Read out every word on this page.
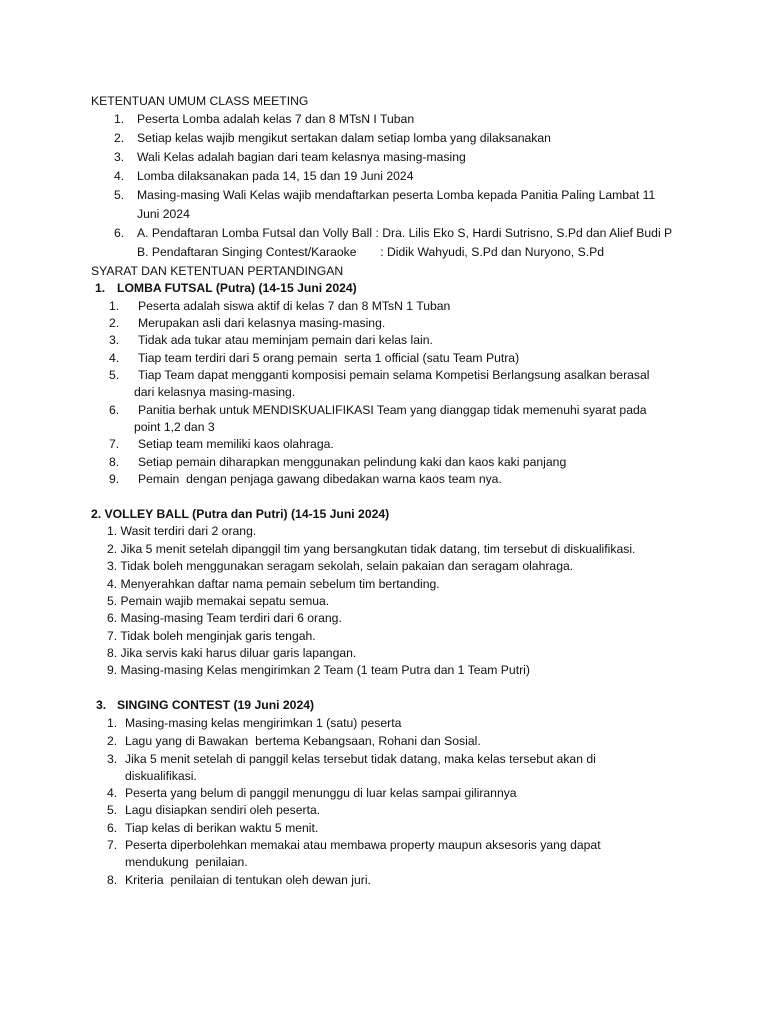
KETENTUAN UMUM CLASS MEETING
1. Peserta Lomba adalah kelas 7 dan 8 MTsN I Tuban
2. Setiap kelas wajib mengikut sertakan dalam setiap lomba yang dilaksanakan
3. Wali Kelas adalah bagian dari team kelasnya masing-masing
4. Lomba dilaksanakan pada 14, 15 dan 19 Juni 2024
5. Masing-masing Wali Kelas wajib mendaftarkan peserta Lomba kepada Panitia Paling Lambat 11
Juni 2024
6. A. Pendaftaran Lomba Futsal dan Volly Ball : Dra. Lilis Eko S, Hardi Sutrisno, S.Pd dan Alief Budi P
B. Pendaftaran Singing Contest/Karaoke       : Didik Wahyudi, S.Pd dan Nuryono, S.Pd
SYARAT DAN KETENTUAN PERTANDINGAN
1. LOMBA FUTSAL (Putra) (14-15 Juni 2024)
1. Peserta adalah siswa aktif di kelas 7 dan 8 MTsN 1 Tuban
2. Merupakan asli dari kelasnya masing-masing.
3. Tidak ada tukar atau meminjam pemain dari kelas lain.
4. Tiap team terdiri dari 5 orang pemain  serta 1 official (satu Team Putra)
5. Tiap Team dapat mengganti komposisi pemain selama Kompetisi Berlangsung asalkan berasal
dari kelasnya masing-masing.
6. Panitia berhak untuk MENDISKUALIFIKASI Team yang dianggap tidak memenuhi syarat pada
point 1,2 dan 3
7. Setiap team memiliki kaos olahraga.
8. Setiap pemain diharapkan menggunakan pelindung kaki dan kaos kaki panjang
9. Pemain  dengan penjaga gawang dibedakan warna kaos team nya.
2. VOLLEY BALL (Putra dan Putri) (14-15 Juni 2024)
1. Wasit terdiri dari 2 orang.
2. Jika 5 menit setelah dipanggil tim yang bersangkutan tidak datang, tim tersebut di diskualifikasi.
3. Tidak boleh menggunakan seragam sekolah, selain pakaian dan seragam olahraga.
4. Menyerahkan daftar nama pemain sebelum tim bertanding.
5. Pemain wajib memakai sepatu semua.
6. Masing-masing Team terdiri dari 6 orang.
7. Tidak boleh menginjak garis tengah.
8. Jika servis kaki harus diluar garis lapangan.
9. Masing-masing Kelas mengirimkan 2 Team (1 team Putra dan 1 Team Putri)
3. SINGING CONTEST (19 Juni 2024)
1. Masing-masing kelas mengirimkan 1 (satu) peserta
2. Lagu yang di Bawakan  bertema Kebangsaan, Rohani dan Sosial.
3. Jika 5 menit setelah di panggil kelas tersebut tidak datang, maka kelas tersebut akan di
diskualifikasi.
4. Peserta yang belum di panggil menunggu di luar kelas sampai gilirannya
5. Lagu disiapkan sendiri oleh peserta.
6. Tiap kelas di berikan waktu 5 menit.
7. Peserta diperbolehkan memakai atau membawa property maupun aksesoris yang dapat
mendukung  penilaian.
8. Kriteria  penilaian di tentukan oleh dewan juri.
